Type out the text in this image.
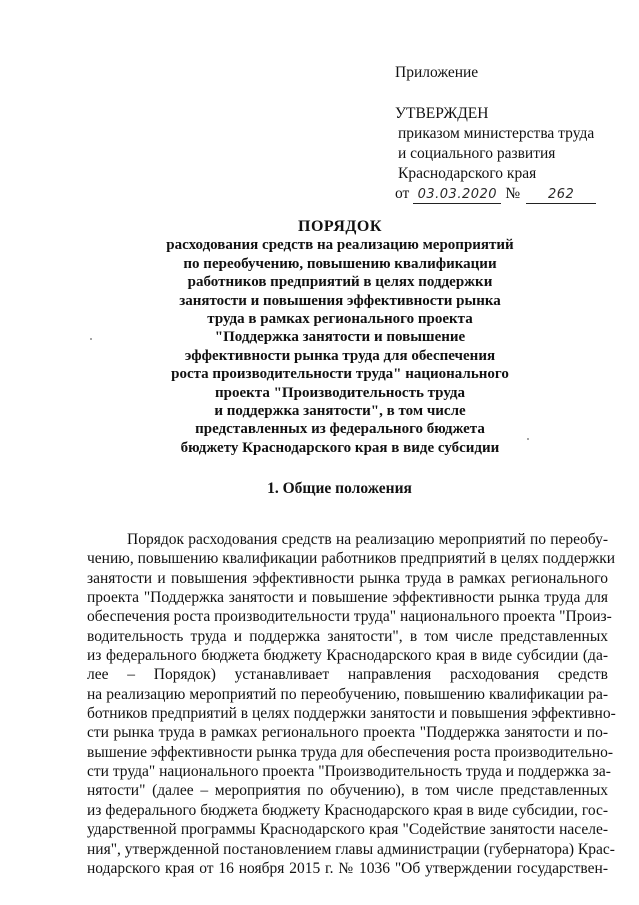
Приложение
УТВЕРЖДЕН
приказом министерства труда
и социального развития
Краснодарского края
от 03.03.2020 № 262
ПОРЯДОК
расходования средств на реализацию мероприятий
по переобучению, повышению квалификации
работников предприятий в целях поддержки
занятости и повышения эффективности рынка
труда в рамках регионального проекта
"Поддержка занятости и повышение
эффективности рынка труда для обеспечения
роста производительности труда" национального
проекта "Производительность труда
и поддержка занятости", в том числе
представленных из федерального бюджета
бюджету Краснодарского края в виде субсидии
1. Общие положения
Порядок расходования средств на реализацию мероприятий по переобу-
чению, повышению квалификации работников предприятий в целях поддержки
занятости и повышения эффективности рынка труда в рамках регионального
проекта "Поддержка занятости и повышение эффективности рынка труда для
обеспечения роста производительности труда" национального проекта "Произ-
водительность труда и поддержка занятости", в том числе представленных
из федерального бюджета бюджету Краснодарского края в виде субсидии (да-
лее – Порядок) устанавливает направления расходования средств
на реализацию мероприятий по переобучению, повышению квалификации ра-
ботников предприятий в целях поддержки занятости и повышения эффективно-
сти рынка труда в рамках регионального проекта "Поддержка занятости и по-
вышение эффективности рынка труда для обеспечения роста производительно-
сти труда" национального проекта "Производительность труда и поддержка за-
нятости" (далее – мероприятия по обучению), в том числе представленных
из федерального бюджета бюджету Краснодарского края в виде субсидии, гос-
ударственной программы Краснодарского края "Содействие занятости населе-
ния", утвержденной постановлением главы администрации (губернатора) Крас-
нодарского края от 16 ноября 2015 г. № 1036 "Об утверждении государствен-
